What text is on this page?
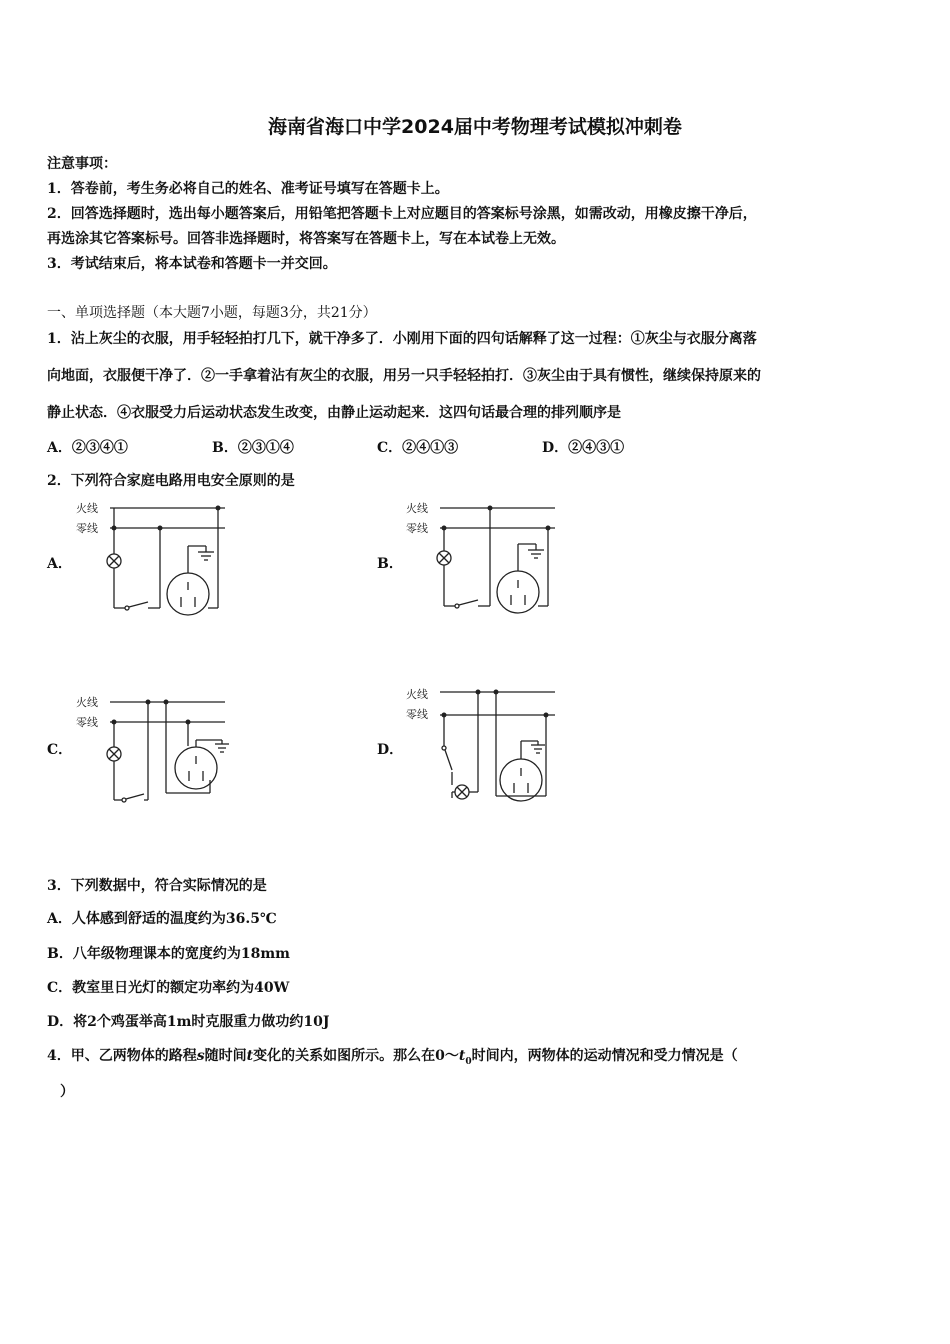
海南省海口中学2024届中考物理考试模拟冲刺卷
注意事项：
1．答卷前，考生务必将自己的姓名、准考证号填写在答题卡上。
2．回答选择题时，选出每小题答案后，用铅笔把答题卡上对应题目的答案标号涂黑，如需改动，用橡皮擦干净后，
再选涂其它答案标号。回答非选择题时，将答案写在答题卡上，写在本试卷上无效。
3．考试结束后，将本试卷和答题卡一并交回。
一、单项选择题（本大题7小题，每题3分，共21分）
1．沾上灰尘的衣服，用手轻轻拍打几下，就干净多了．小刚用下面的四句话解释了这一过程：①灰尘与衣服分离落
向地面，衣服便干净了．②一手拿着沾有灰尘的衣服，用另一只手轻轻拍打．③灰尘由于具有惯性，继续保持原来的
静止状态．④衣服受力后运动状态发生改变，由静止运动起来．这四句话最合理的排列顺序是
A．②③④①	B．②③①④	C．②④①③	D．②④③①
2．下列符合家庭电路用电安全原则的是
A．
火线
零线
B．
火线
零线
C．
火线
零线
D．
火线
零线
3．下列数据中，符合实际情况的是
A．人体感到舒适的温度约为36.5℃
B．八年级物理课本的宽度约为18mm
C．教室里日光灯的额定功率约为40W
D．将2个鸡蛋举高1m时克服重力做功约10J
4．甲、乙两物体的路程s随时间t变化的关系如图所示。那么在$0\sim t_0$时间内，两物体的运动情况和受力情况是（
）
